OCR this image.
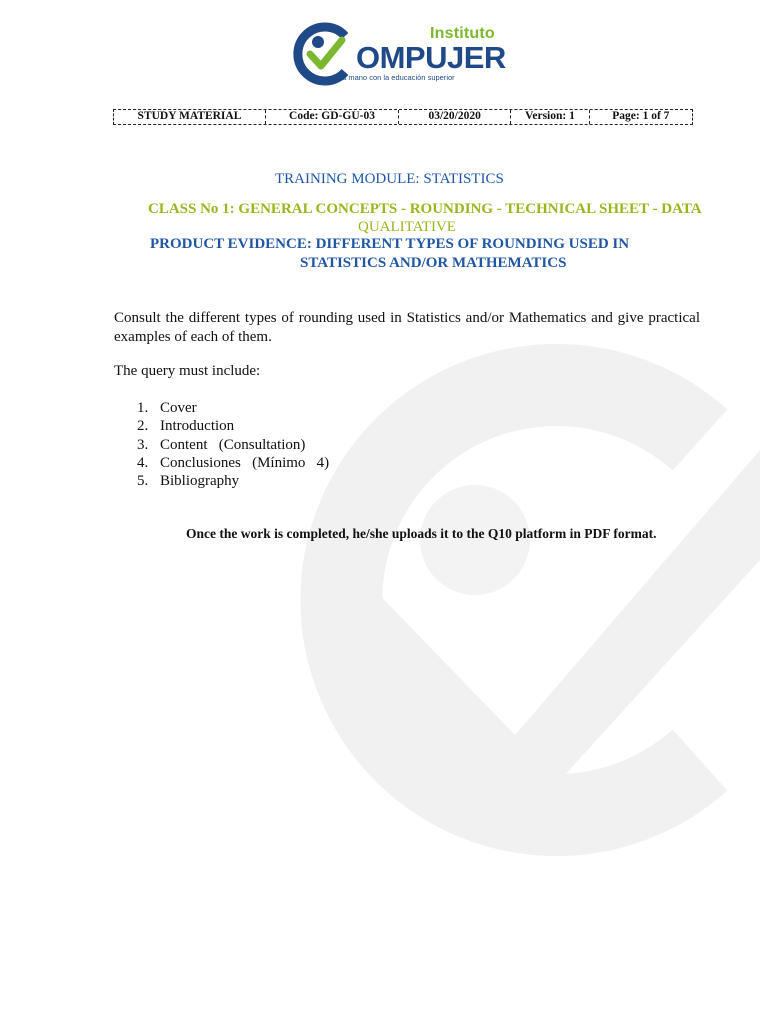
Instituto
OMPUJER
de la mano con la educación superior
STUDY MATERIAL	Code: GD-GU-03	03/20/2020	Version: 1	Page: 1 of 7
TRAINING MODULE: STATISTICS
CLASS No 1: GENERAL CONCEPTS - ROUNDING - TECHNICAL SHEET - DATA
QUALITATIVE
PRODUCT EVIDENCE: DIFFERENT TYPES OF ROUNDING USED IN
STATISTICS AND/OR MATHEMATICS
Consult the different types of rounding used in Statistics and/or Mathematics and give practical examples of each of them.
The query must include:
1. Cover
2. Introduction
3. Content   (Consultation)
4. Conclusiones   (Mínimo   4)
5. Bibliography
Once the work is completed, he/she uploads it to the Q10 platform in PDF format.
